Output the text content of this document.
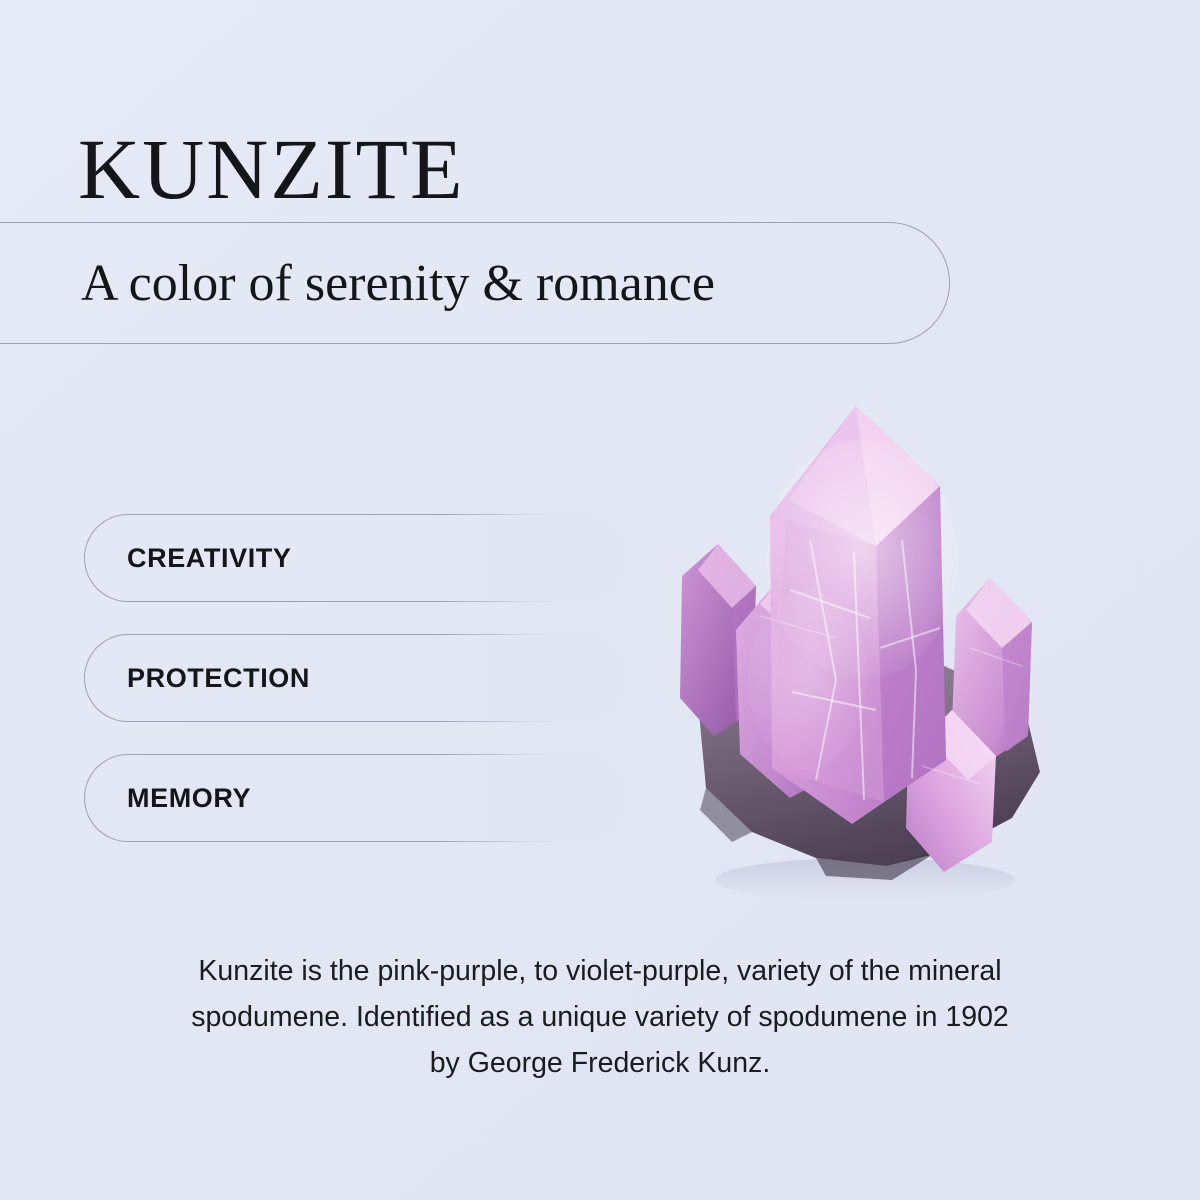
KUNZITE
A color of serenity & romance
CREATIVITY
PROTECTION
MEMORY
Kunzite is the pink-purple, to violet-purple, variety of the mineral
spodumene. Identified as a unique variety of spodumene in 1902
by George Frederick Kunz.
